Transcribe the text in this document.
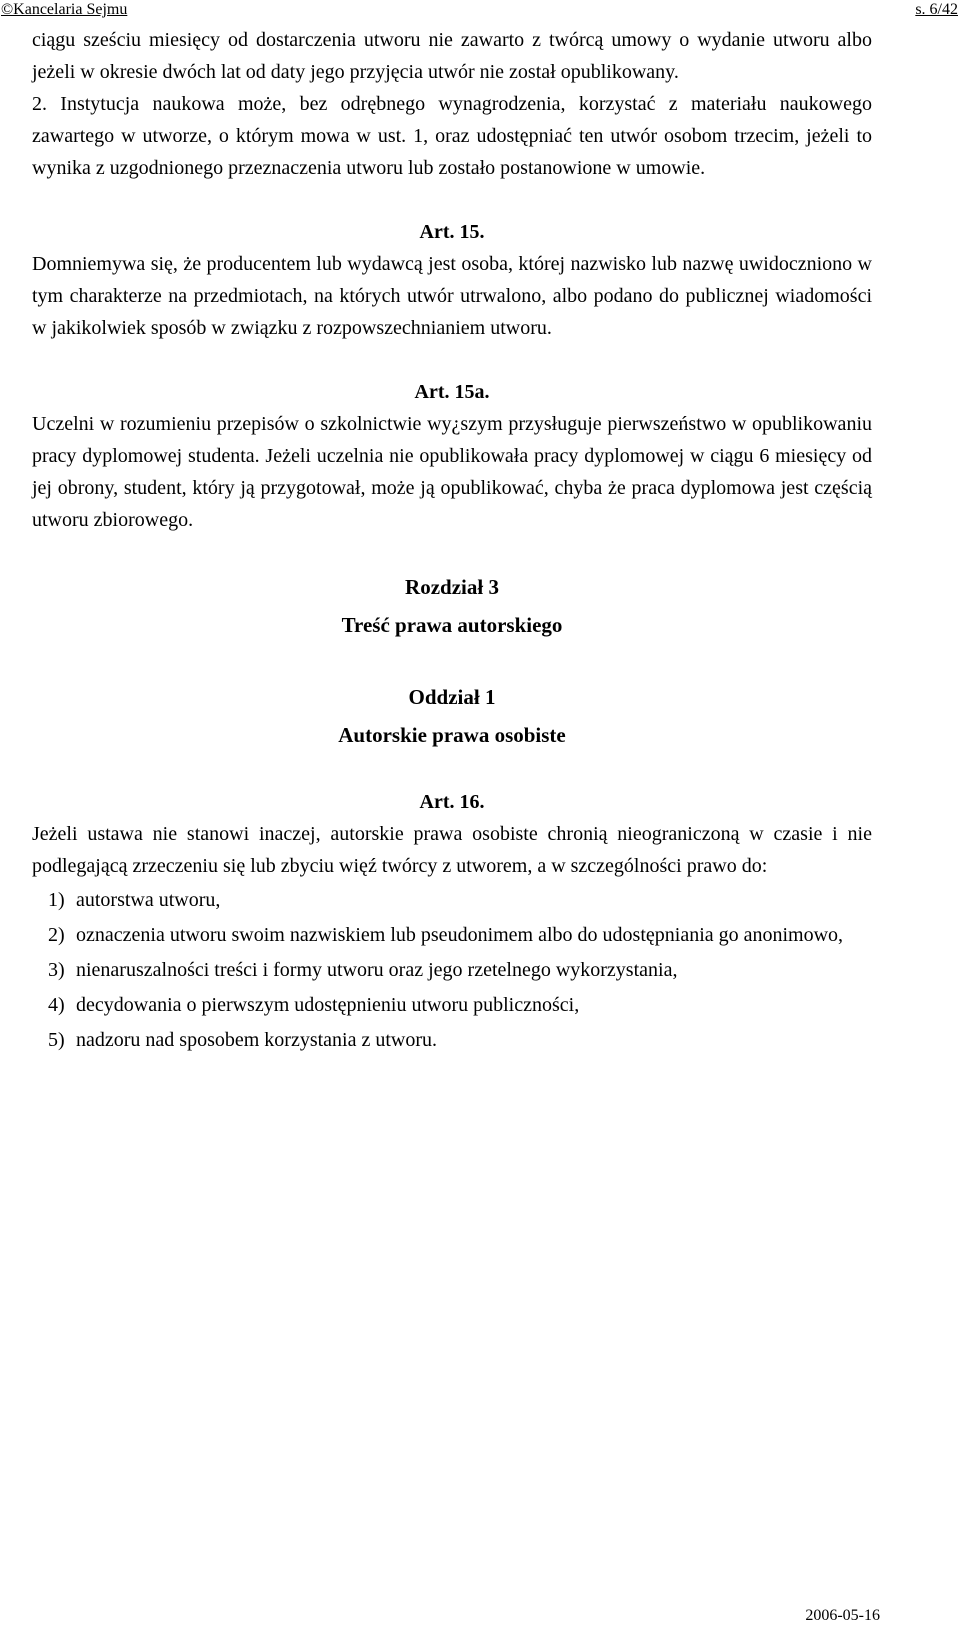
©Kancelaria Sejmu	s. 6/42

ciągu sześciu miesięcy od dostarczenia utworu nie zawarto z twórcą umowy o wydanie utworu albo jeżeli w okresie dwóch lat od daty jego przyjęcia utwór nie został opublikowany.

2. Instytucja naukowa może, bez odrębnego wynagrodzenia, korzystać z materiału naukowego zawartego w utworze, o którym mowa w ust. 1, oraz udostępniać ten utwór osobom trzecim, jeżeli to wynika z uzgodnionego przeznaczenia utworu lub zostało postanowione w umowie.

Art. 15.

Domniemywa się, że producentem lub wydawcą jest osoba, której nazwisko lub nazwę uwidoczniono w tym charakterze na przedmiotach, na których utwór utrwalono, albo podano do publicznej wiadomości w jakikolwiek sposób w związku z rozpowszechnianiem utworu.

Art. 15a.

Uczelni w rozumieniu przepisów o szkolnictwie wy¿szym przysługuje pierwszeństwo w opublikowaniu pracy dyplomowej studenta. Jeżeli uczelnia nie opublikowała pracy dyplomowej w ciągu 6 miesięcy od jej obrony, student, który ją przygotował, może ją opublikować, chyba że praca dyplomowa jest częścią utworu zbiorowego.

Rozdział 3

Treść prawa autorskiego

Oddział 1

Autorskie prawa osobiste

Art. 16.

Jeżeli ustawa nie stanowi inaczej, autorskie prawa osobiste chronią nieograniczoną w czasie i nie podlegającą zrzeczeniu się lub zbyciu więź twórcy z utworem, a w szczególności prawo do:

1) autorstwa utworu,
2) oznaczenia utworu swoim nazwiskiem lub pseudonimem albo do udostępniania go anonimowo,
3) nienaruszalności treści i formy utworu oraz jego rzetelnego wykorzystania,
4) decydowania o pierwszym udostępnieniu utworu publiczności,
5) nadzoru nad sposobem korzystania z utworu.
2006-05-16
